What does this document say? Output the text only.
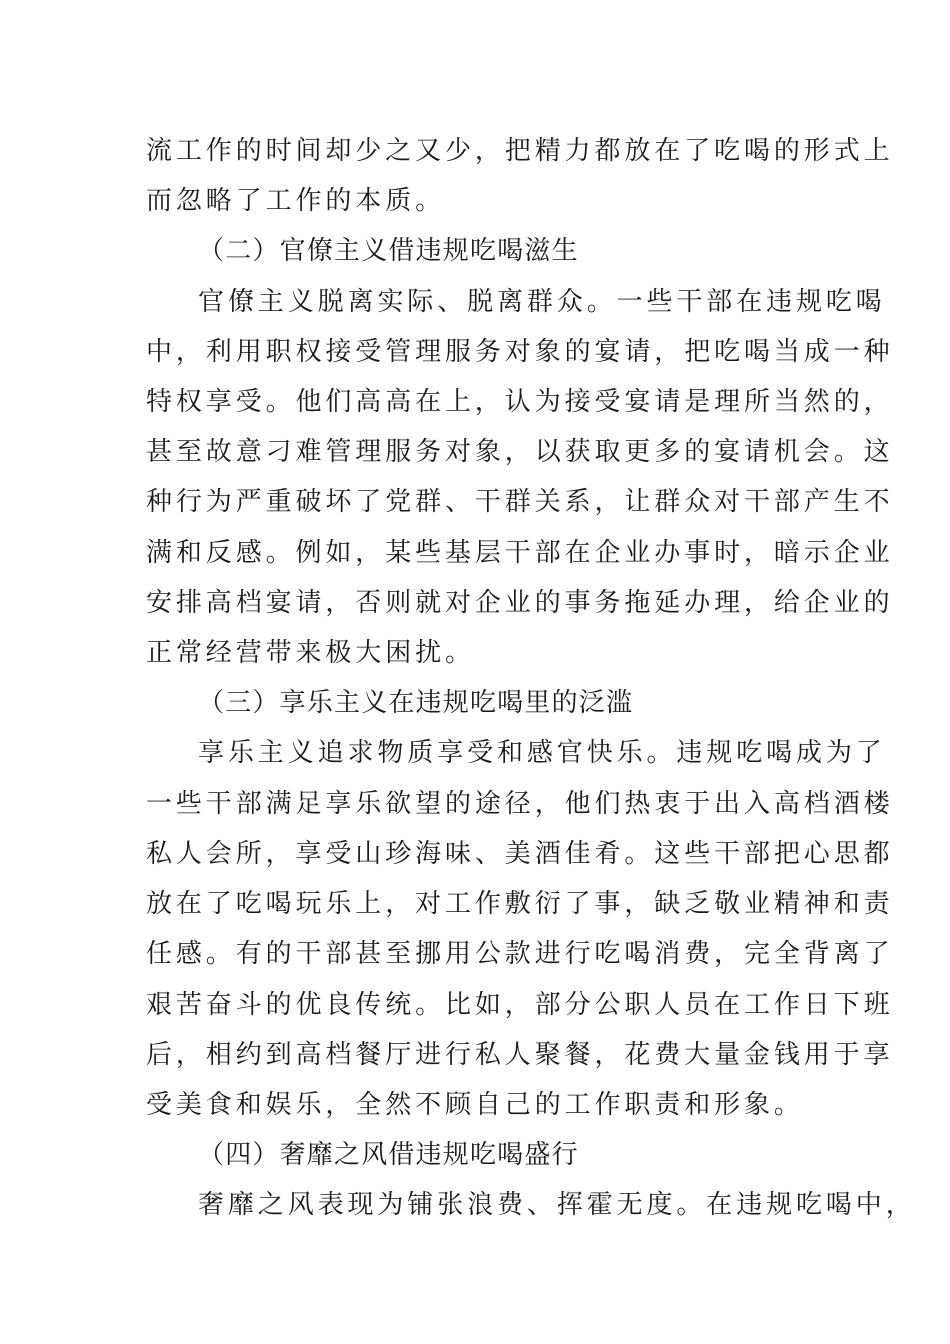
流工作的时间却少之又少，把精力都放在了吃喝的形式上
而忽略了工作的本质。
（二）官僚主义借违规吃喝滋生
官僚主义脱离实际、脱离群众。一些干部在违规吃喝
中，利用职权接受管理服务对象的宴请，把吃喝当成一种
特权享受。他们高高在上，认为接受宴请是理所当然的，
甚至故意刁难管理服务对象，以获取更多的宴请机会。这
种行为严重破坏了党群、干群关系，让群众对干部产生不
满和反感。例如，某些基层干部在企业办事时，暗示企业
安排高档宴请，否则就对企业的事务拖延办理，给企业的
正常经营带来极大困扰。
（三）享乐主义在违规吃喝里的泛滥
享乐主义追求物质享受和感官快乐。违规吃喝成为了
一些干部满足享乐欲望的途径，他们热衷于出入高档酒楼
私人会所，享受山珍海味、美酒佳肴。这些干部把心思都
放在了吃喝玩乐上，对工作敷衍了事，缺乏敬业精神和责
任感。有的干部甚至挪用公款进行吃喝消费，完全背离了
艰苦奋斗的优良传统。比如，部分公职人员在工作日下班
后，相约到高档餐厅进行私人聚餐，花费大量金钱用于享
受美食和娱乐，全然不顾自己的工作职责和形象。
（四）奢靡之风借违规吃喝盛行
奢靡之风表现为铺张浪费、挥霍无度。在违规吃喝中，
